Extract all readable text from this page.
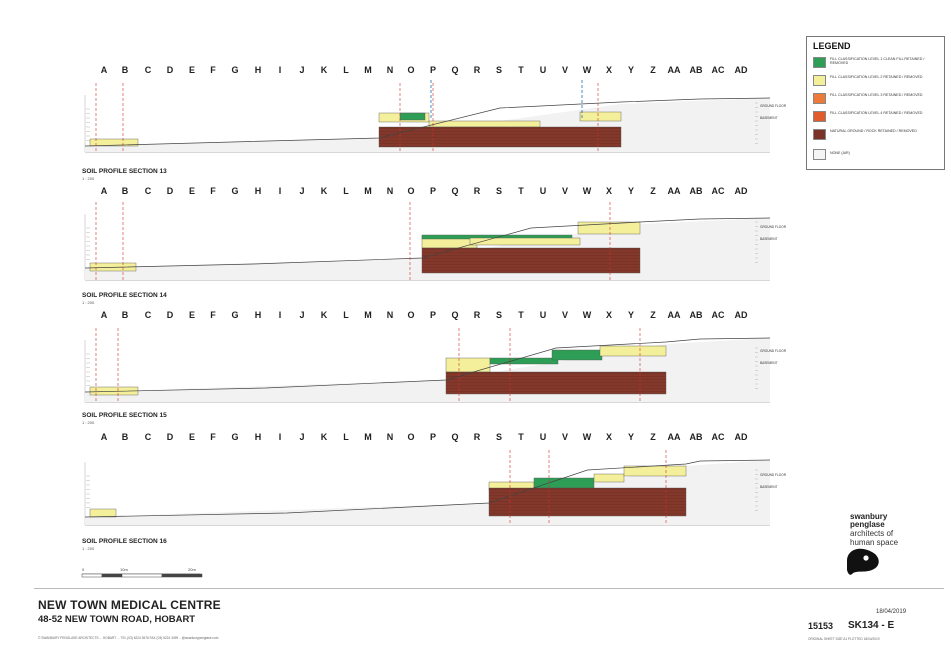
A B C D E F G H I J K L M N O P Q R S T U V W X Y Z AA AB AC AD
GROUND FLOOR
BASEMENT
A B C D E F G H I J K L M N O P Q R S T U V W X Y Z AA AB AC AD
GROUND FLOOR
BASEMENT
A B C D E F G H I J K L M N O P Q R S T U V W X Y Z AA AB AC AD
GROUND FLOOR
BASEMENT
A B C D E F G H I J K L M N O P Q R S T U V W X Y Z AA AB AC AD
GROUND FLOOR
BASEMENT
0	10m	20m
SOIL PROFILE SECTION 13
1 : 200
SOIL PROFILE SECTION 14
1 : 200
SOIL PROFILE SECTION 15
1 : 200
SOIL PROFILE SECTION 16
1 : 200
LEGEND
FILL CLASSIFICATION LEVEL 1 CLEAN FILL RETAINED / REMOVED
FILL CLASSIFICATION LEVEL 2 RETAINED / REMOVED
FILL CLASSIFICATION LEVEL 3 RETAINED / REMOVED
FILL CLASSIFICATION LEVEL 4 RETAINED / REMOVED
NATURAL GROUND / ROCK RETAINED / REMOVED
NONE (AIR)
swanbury
penglase
architects of
human space
NEW TOWN MEDICAL CENTRE
48-52 NEW TOWN ROAD, HOBART
18/04/2019
15153 SK134 - E
© SWANBURY PENGLASE ARCHITECTS ... HOBART ... TEL (03) 6224 3676 FAX (03) 6224 3499 ...@swanburypenglase.com	ORIGINAL SHEET SIZE A1 PLOTTED 18/04/2019
